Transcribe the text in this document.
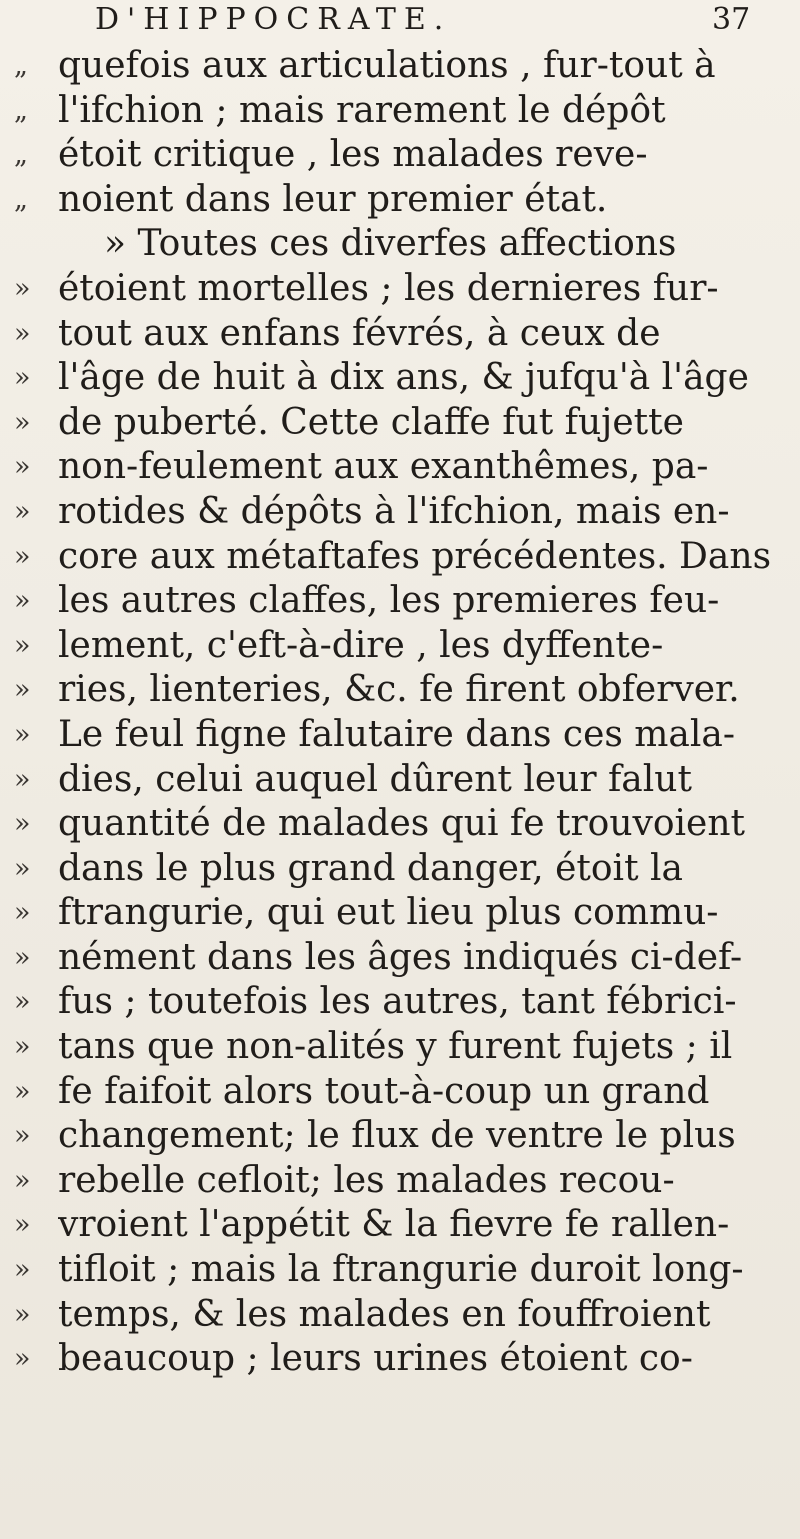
D'HIPPOCRATE.	37
„ quefois aux articulations , fur-tout à
„ l'ifchion ; mais rarement le dépôt
„ étoit critique , les malades reve-
„ noient dans leur premier état.
» Toutes ces diverfes affections
» étoient mortelles ; les dernieres fur-
» tout aux enfans févrés, à ceux de
» l'âge de huit à dix ans, & jufqu'à l'âge
» de puberté. Cette claffe fut fujette
» non-feulement aux exanthêmes, pa-
» rotides & dépôts à l'ifchion, mais en-
» core aux métaftafes précédentes. Dans
» les autres claffes, les premieres feu-
» lement, c'eft-à-dire , les dyffente-
» ries, lienteries, &c. fe firent obferver.
» Le feul figne falutaire dans ces mala-
» dies, celui auquel dûrent leur falut
» quantité de malades qui fe trouvoient
» dans le plus grand danger, étoit la
» ftrangurie, qui eut lieu plus commu-
» nément dans les âges indiqués ci-def-
» fus ; toutefois les autres, tant fébrici-
» tans que non-alités y furent fujets ; il
» fe faifoit alors tout-à-coup un grand
» changement; le flux de ventre le plus
» rebelle cefloit; les malades recou-
» vroient l'appétit & la fievre fe rallen-
» tifloit ; mais la ftrangurie duroit long-
» temps, & les malades en fouffroient
» beaucoup ; leurs urines étoient co-
